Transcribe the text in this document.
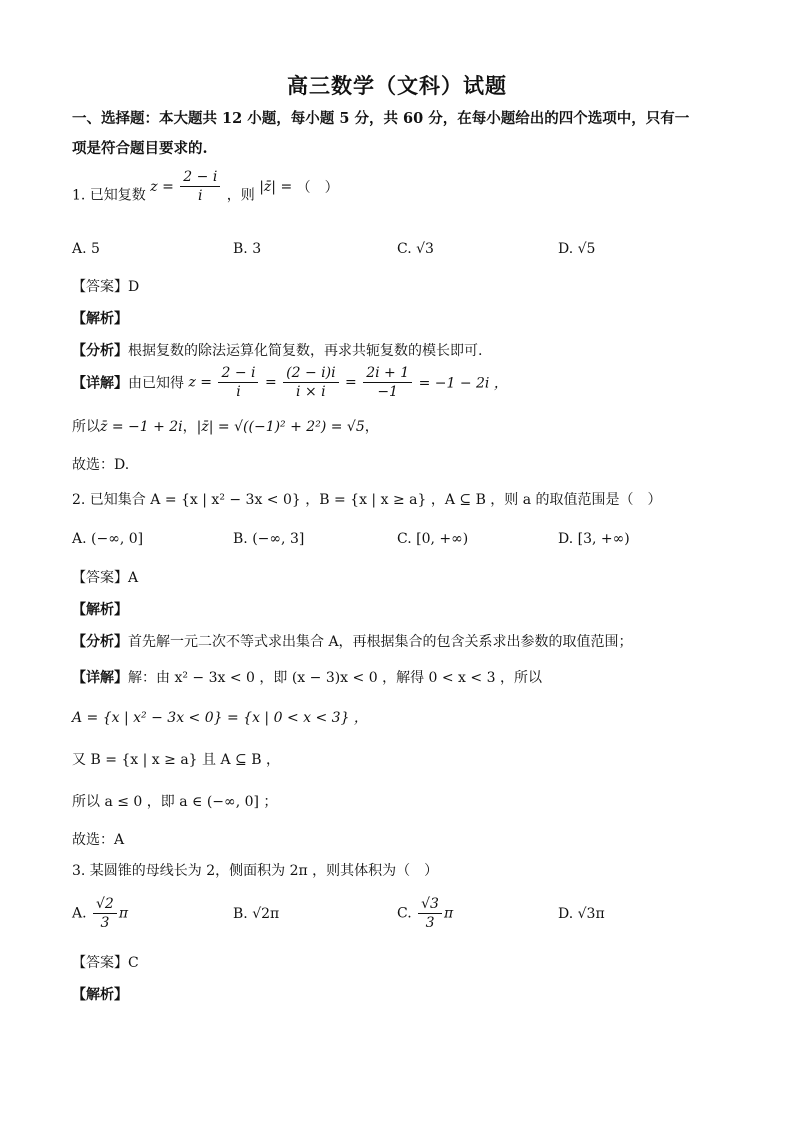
高三数学（文科）试题
一、选择题：本大题共 12 小题，每小题 5 分，共 60 分，在每小题给出的四个选项中，只有一
项是符合题目要求的.
1. 已知复数 $z = \frac{2 - i}{i}$ ，则 |z̄| = （　）
A. 5	B. 3	C. √3	D. √5
【答案】D
【解析】
【分析】根据复数的除法运算化简复数，再求共轭复数的模长即可.
【详解】由已知得 $z = \frac{2 - i}{i} = \frac{(2 - i)i}{i \times i} = \frac{2i + 1}{-1} = -1 - 2i$ ，
所以z̄ = −1 + 2i，|z̄| = √((−1)² + 2²) = √5，
故选：D.
2. 已知集合 A = {x | x² − 3x < 0} ，B = {x | x ≥ a} ，A ⊆ B ，则 a 的取值范围是（　）
A. (−∞, 0]	B. (−∞, 3]	C. [0, +∞)	D. [3, +∞)
【答案】A
【解析】
【分析】首先解一元二次不等式求出集合 A，再根据集合的包含关系求出参数的取值范围；
【详解】解：由 x² − 3x < 0 ，即 (x − 3)x < 0 ，解得 0 < x < 3 ，所以
A = {x | x² − 3x < 0} = {x | 0 < x < 3} ，
又 B = {x | x ≥ a} 且 A ⊆ B ，
所以 a ≤ 0 ，即 a ∈ (−∞, 0] ；
故选：A
3. 某圆锥的母线长为 2，侧面积为 2π ，则其体积为（　）
A. $\frac{√2}{3}$ π	B. √2π	C. $\frac{√3}{3}$ π	D. √3π
【答案】C
【解析】
